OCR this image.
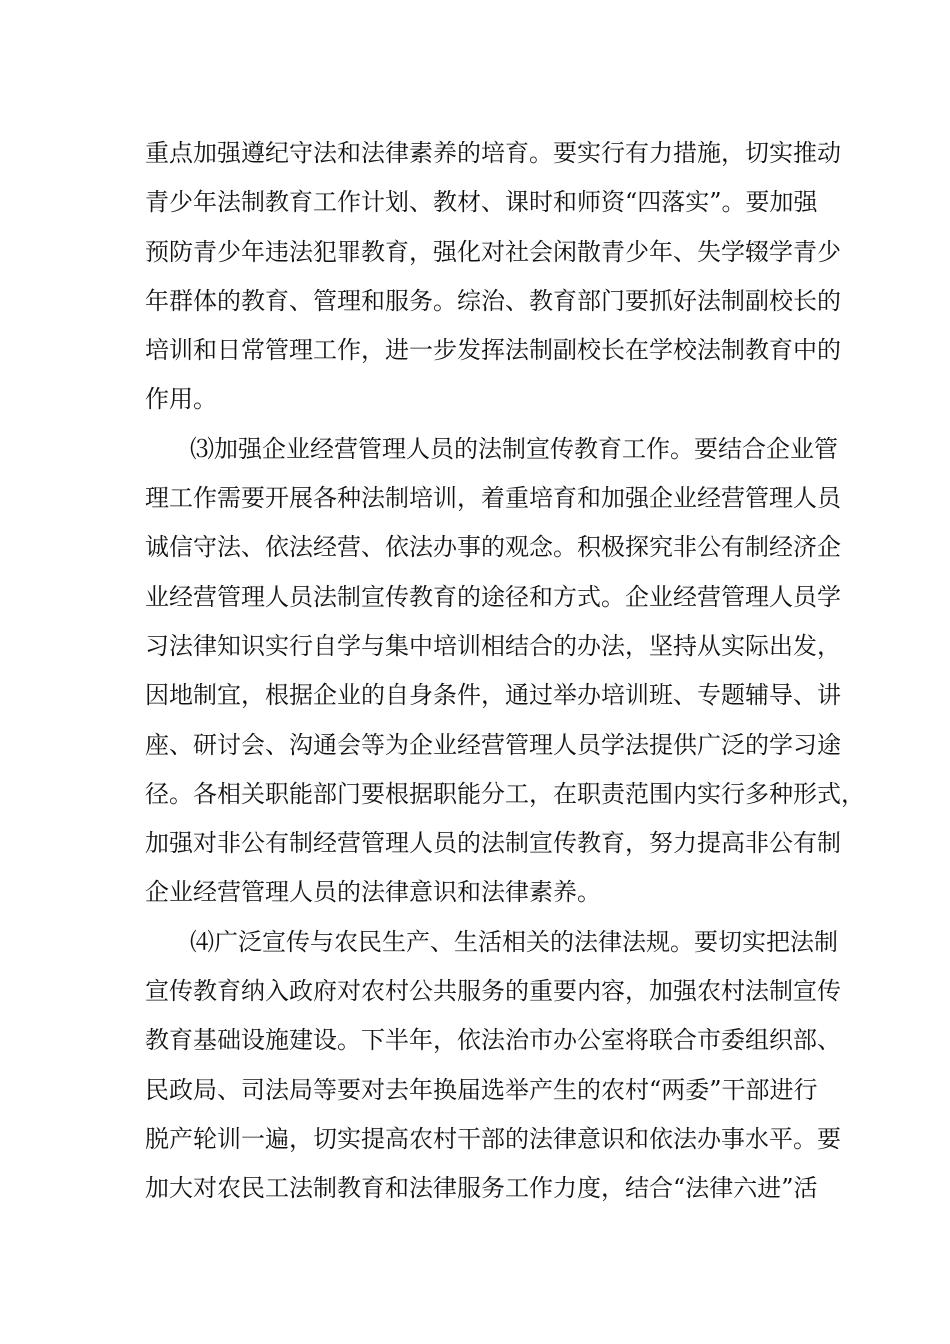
重点加强遵纪守法和法律素养的培育。要实行有力措施，切实推动
青少年法制教育工作计划、教材、课时和师资“四落实”。要加强
预防青少年违法犯罪教育，强化对社会闲散青少年、失学辍学青少
年群体的教育、管理和服务。综治、教育部门要抓好法制副校长的
培训和日常管理工作，进一步发挥法制副校长在学校法制教育中的
作用。
⑶加强企业经营管理人员的法制宣传教育工作。要结合企业管
理工作需要开展各种法制培训，着重培育和加强企业经营管理人员
诚信守法、依法经营、依法办事的观念。积极探究非公有制经济企
业经营管理人员法制宣传教育的途径和方式。企业经营管理人员学
习法律知识实行自学与集中培训相结合的办法，坚持从实际出发，
因地制宜，根据企业的自身条件，通过举办培训班、专题辅导、讲
座、研讨会、沟通会等为企业经营管理人员学法提供广泛的学习途
径。各相关职能部门要根据职能分工，在职责范围内实行多种形式，
加强对非公有制经营管理人员的法制宣传教育，努力提高非公有制
企业经营管理人员的法律意识和法律素养。
⑷广泛宣传与农民生产、生活相关的法律法规。要切实把法制
宣传教育纳入政府对农村公共服务的重要内容，加强农村法制宣传
教育基础设施建设。下半年，依法治市办公室将联合市委组织部、
民政局、司法局等要对去年换届选举产生的农村“两委”干部进行
脱产轮训一遍，切实提高农村干部的法律意识和依法办事水平。要
加大对农民工法制教育和法律服务工作力度，结合“法律六进”活
